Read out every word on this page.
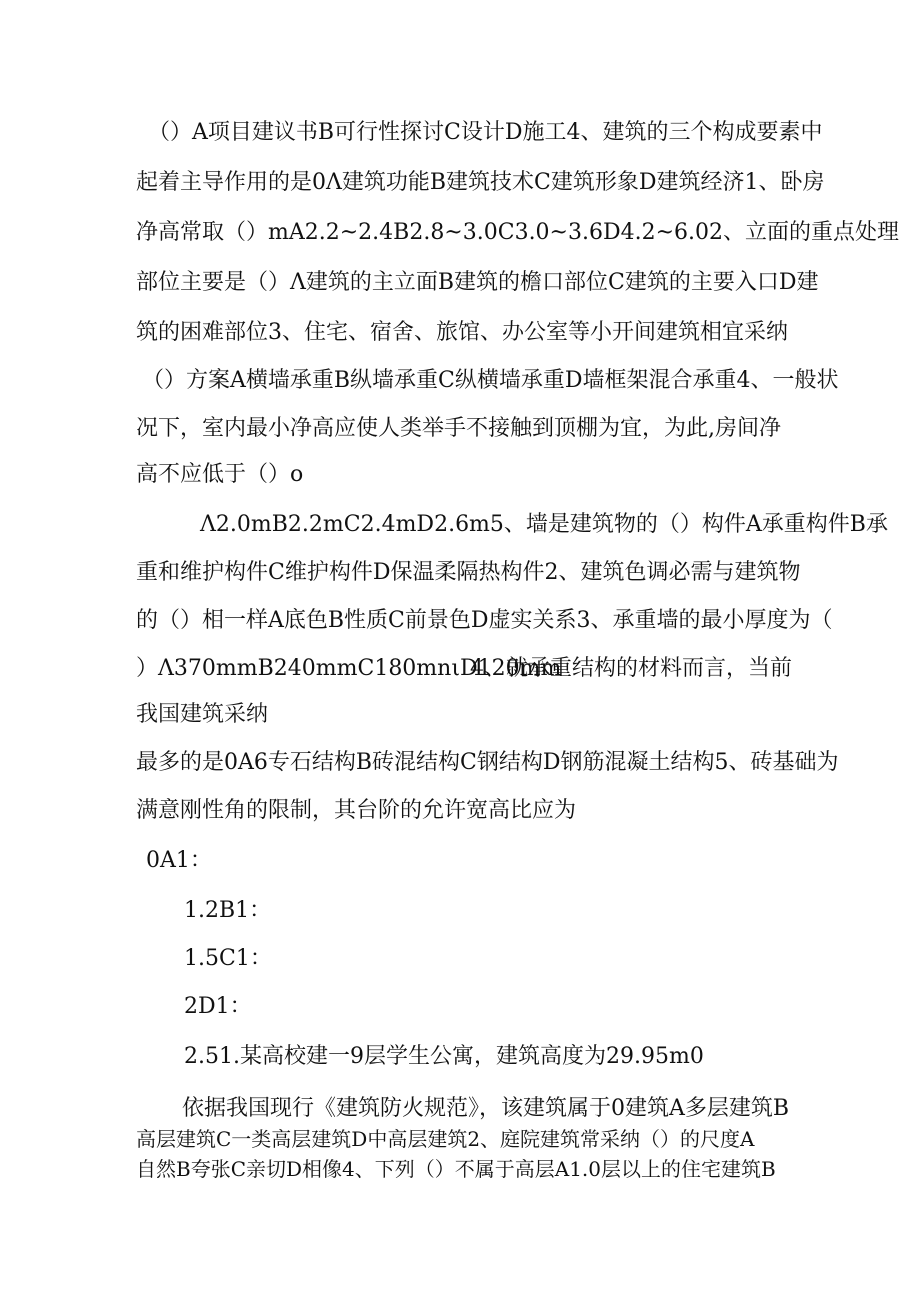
（）A项目建议书B可行性探讨C设计D施工4、建筑的三个构成要素中
起着主导作用的是0Λ建筑功能B建筑技术C建筑形象D建筑经济1、卧房
净高常取（）mA2.2~2.4B2.8~3.0C3.0~3.6D4.2~6.02、立面的重点处理
部位主要是（）Λ建筑的主立面B建筑的檐口部位C建筑的主要入口D建
筑的困难部位3、住宅、宿舍、旅馆、办公室等小开间建筑相宜采纳
（）方案A横墙承重B纵墙承重C纵横墙承重D墙框架混合承重4、一般状
况下，室内最小净高应使人类举手不接触到顶棚为宜，为此,房间净
高不应低于（）o
Λ2.0mB2.2mC2.4mD2.6m5、墙是建筑物的（）构件A承重构件B承
重和维护构件C维护构件D保温柔隔热构件2、建筑色调必需与建筑物
的（）相一样A底色B性质C前景色D虚实关系3、承重墙的最小厚度为（
）Λ370mmB240mmC180mnιD120mm
4、就承重结构的材料而言，当前
我国建筑采纳
最多的是0A6专石结构B砖混结构C钢结构D钢筋混凝土结构5、砖基础为
满意刚性角的限制，其台阶的允许宽高比应为
0A1：
1.2B1：
1.5C1：
2D1：
2.51.某高校建一9层学生公寓，建筑高度为29.95m0
依据我国现行《建筑防火规范》，该建筑属于0建筑A多层建筑B
高层建筑C一类高层建筑D中高层建筑2、庭院建筑常采纳（）的尺度A
自然B夸张C亲切D相像4、下列（）不属于高层A1.0层以上的住宅建筑B
